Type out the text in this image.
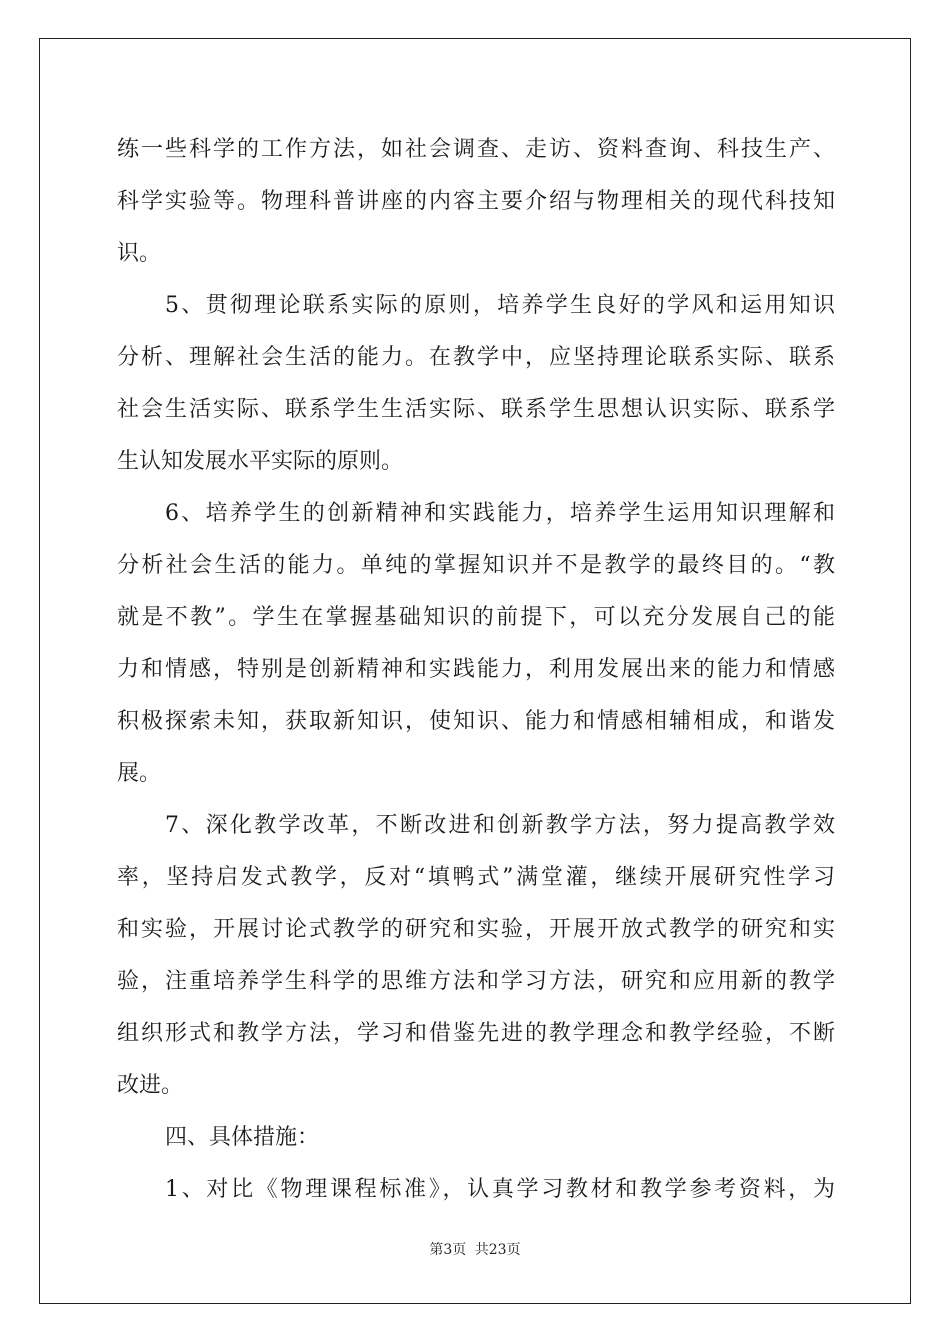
练一些科学的工作方法，如社会调查、走访、资料查询、科技生产、
科学实验等。物理科普讲座的内容主要介绍与物理相关的现代科技知
识。
5、贯彻理论联系实际的原则，培养学生良好的学风和运用知识
分析、理解社会生活的能力。在教学中，应坚持理论联系实际、联系
社会生活实际、联系学生生活实际、联系学生思想认识实际、联系学
生认知发展水平实际的原则。
6、培养学生的创新精神和实践能力，培养学生运用知识理解和
分析社会生活的能力。单纯的掌握知识并不是教学的最终目的。“教
就是不教”。学生在掌握基础知识的前提下，可以充分发展自己的能
力和情感，特别是创新精神和实践能力，利用发展出来的能力和情感
积极探索未知，获取新知识，使知识、能力和情感相辅相成，和谐发
展。
7、深化教学改革，不断改进和创新教学方法，努力提高教学效
率，坚持启发式教学，反对“填鸭式”满堂灌，继续开展研究性学习
和实验，开展讨论式教学的研究和实验，开展开放式教学的研究和实
验，注重培养学生科学的思维方法和学习方法，研究和应用新的教学
组织形式和教学方法，学习和借鉴先进的教学理念和教学经验，不断
改进。
四、具体措施：
1、对比《物理课程标准》，认真学习教材和教学参考资料，为
第3页 共23页
